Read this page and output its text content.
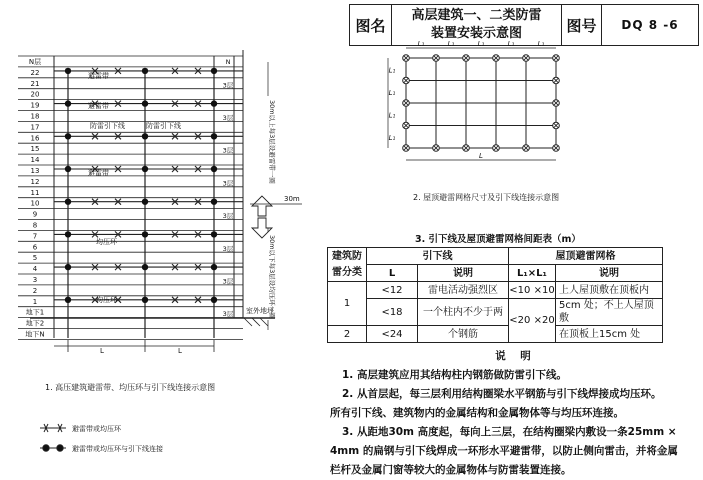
图名
高层建筑一、二类防雷
装置安装示意图	图号	DQ 8 -6
N层
22
21
20
19
18
17
16
15
14
13
12
11
10
9
8
7
6
5
4
3
2
1
地下1
地下2
地下N
N
3层
3层
3层
3层
3层
3层
3层
3层
避雷带
避雷带
避雷带
防雷引下线	防雷引下线
均压环
均压环
室外地坪
30m
L	L
30m以上每3层设避雷带一圈
30m以下每3层设均压环一圈
1. 高压建筑避雷带、均压环与引下线连接示意图
避雷带或均压环
避雷带或均压环与引下线连接
L₁	L₁	L₁	L₁	L₁
L₁
L₁
L₁
L₁
L
2. 屋顶避雷网格尺寸及引下线连接示意图
3. 引下线及屋顶避雷网格间距表（m）
建筑防	引下线		屋顶避雷网格	
雷分类	L	说明	L₁×L₁	说明
1	<12	雷电活动强烈区	<10 ×10	上人屋顶敷在顶板内
	<18	一个柱内不少于两	<20 ×20	5cm 处；不上人屋顶敷
2	<24	个钢筋		在顶板上15cm 处

说　明

1. 高层建筑应用其结构柱内钢筋做防雷引下线。

2. 从首层起，每三层利用结构圈梁水平钢筋与引下线焊接成均压环。

所有引下线、建筑物内的金属结构和金属物体等与均压环连接。

3. 从距地30m 高度起，每向上三层，在结构圈梁内敷设一条25mm ×

4mm 的扁钢与引下线焊成一环形水平避雷带，以防止侧向雷击，并将金属

栏杆及金属门窗等较大的金属物体与防雷装置连接。
